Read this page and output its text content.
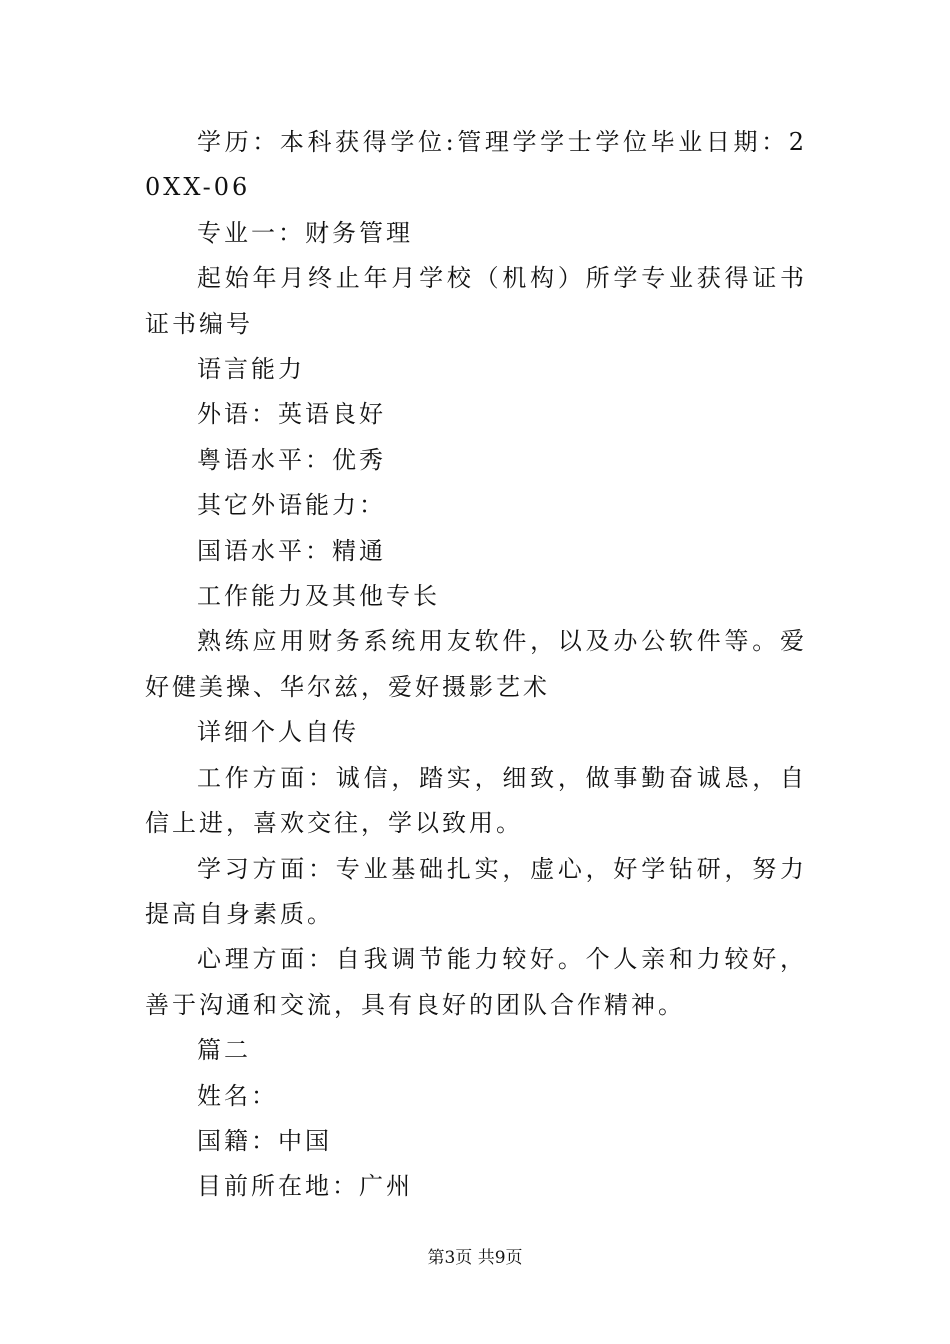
学历：本科获得学位:管理学学士学位毕业日期：20XX-06

专业一：财务管理

起始年月终止年月学校（机构）所学专业获得证书证书编号

语言能力

外语：英语良好

粤语水平：优秀

其它外语能力：

国语水平：精通

工作能力及其他专长

熟练应用财务系统用友软件，以及办公软件等。爱好健美操、华尔兹，爱好摄影艺术

详细个人自传

工作方面：诚信，踏实，细致，做事勤奋诚恳，自信上进，喜欢交往，学以致用。

学习方面：专业基础扎实，虚心，好学钻研，努力提高自身素质。

心理方面：自我调节能力较好。个人亲和力较好，善于沟通和交流，具有良好的团队合作精神。

篇二

姓名：

国籍：中国

目前所在地：广州

第3页 共9页
